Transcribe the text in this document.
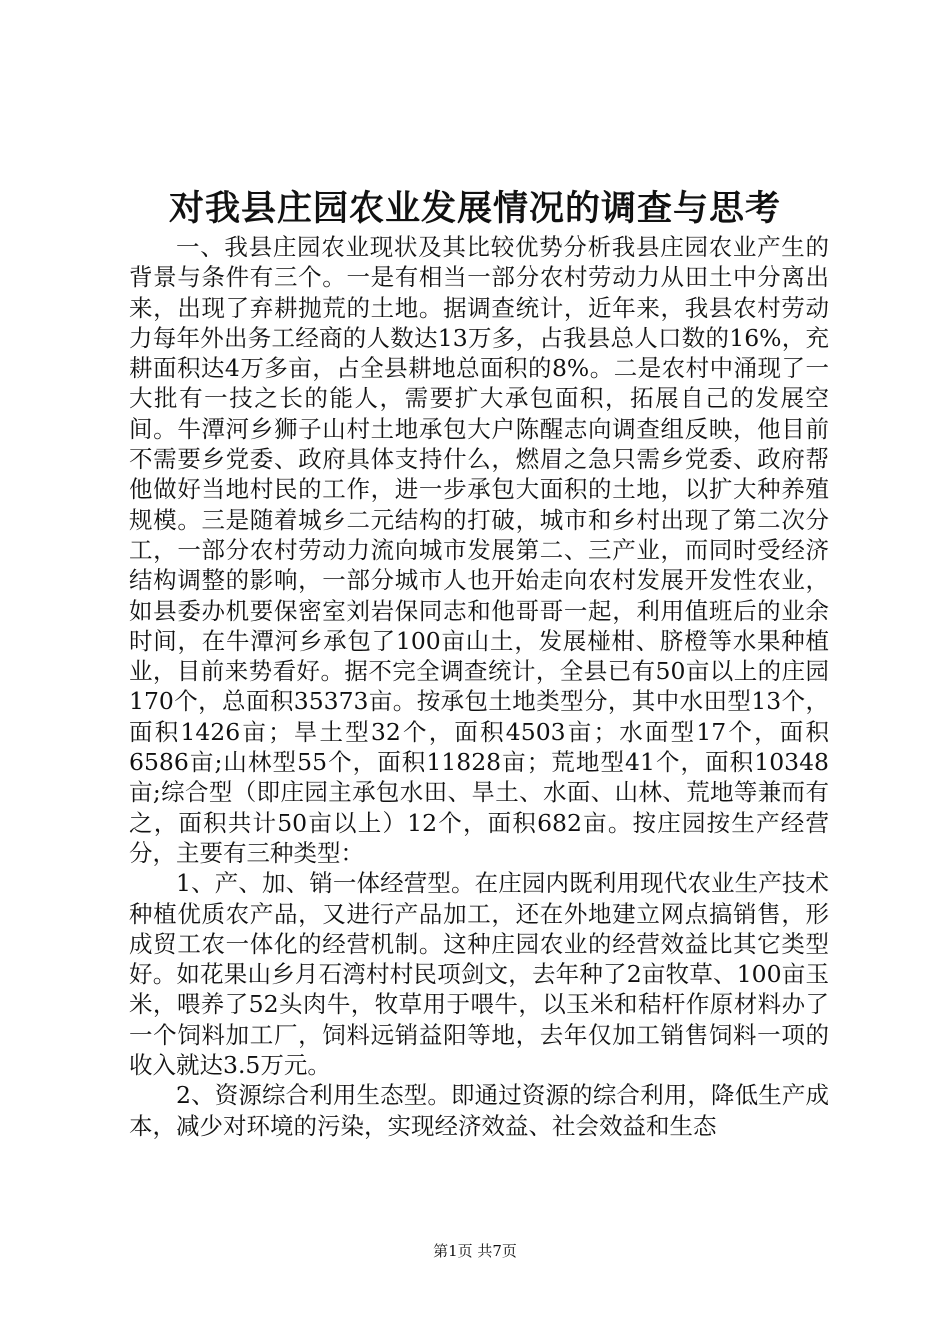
对我县庄园农业发展情况的调查与思考

一、我县庄园农业现状及其比较优势分析我县庄园农业产生的背景与条件有三个。一是有相当一部分农村劳动力从田土中分离出来，出现了弃耕抛荒的土地。据调查统计，近年来，我县农村劳动力每年外出务工经商的人数达13万多，占我县总人口数的16%，充耕面积达4万多亩，占全县耕地总面积的8%。二是农村中涌现了一大批有一技之长的能人，需要扩大承包面积，拓展自己的发展空间。牛潭河乡狮子山村土地承包大户陈醒志向调查组反映，他目前不需要乡党委、政府具体支持什么，燃眉之急只需乡党委、政府帮他做好当地村民的工作，进一步承包大面积的土地，以扩大种养殖规模。三是随着城乡二元结构的打破，城市和乡村出现了第二次分工，一部分农村劳动力流向城市发展第二、三产业，而同时受经济结构调整的影响，一部分城市人也开始走向农村发展开发性农业，如县委办机要保密室刘岩保同志和他哥哥一起，利用值班后的业余时间，在牛潭河乡承包了100亩山土，发展椪柑、脐橙等水果种植业，目前来势看好。据不完全调查统计，全县已有50亩以上的庄园170个，总面积35373亩。按承包土地类型分，其中水田型13个，面积1426亩；旱土型32个，面积4503亩；水面型17个，面积6586亩;山林型55个，面积11828亩；荒地型41个，面积10348亩;综合型（即庄园主承包水田、旱土、水面、山林、荒地等兼而有之，面积共计50亩以上）12个，面积682亩。按庄园按生产经营分，主要有三种类型：

1、产、加、销一体经营型。在庄园内既利用现代农业生产技术种植优质农产品，又进行产品加工，还在外地建立网点搞销售，形成贸工农一体化的经营机制。这种庄园农业的经营效益比其它类型好。如花果山乡月石湾村村民项剑文，去年种了2亩牧草、100亩玉米，喂养了52头肉牛，牧草用于喂牛，以玉米和秸杆作原材料办了一个饲料加工厂，饲料远销益阳等地，去年仅加工销售饲料一项的收入就达3.5万元。

2、资源综合利用生态型。即通过资源的综合利用，降低生产成本，减少对环境的污染，实现经济效益、社会效益和生态

第1页 共7页
